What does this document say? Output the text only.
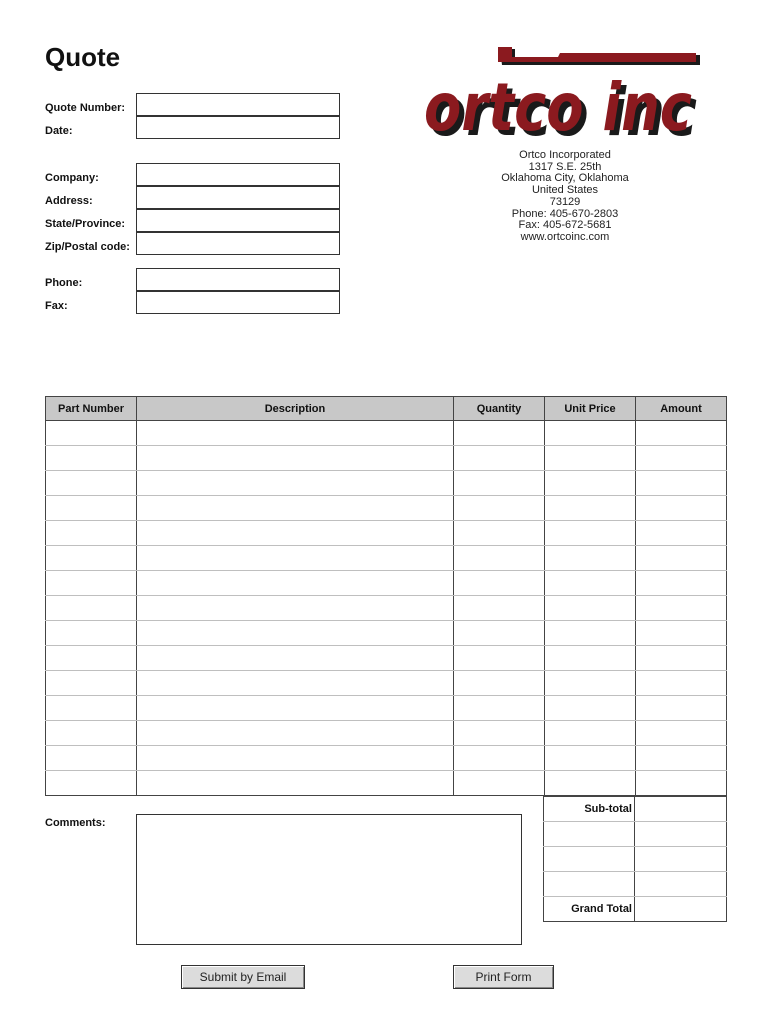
Quote
Quote Number:
Date:
Company:
Address:
State/Province:
Zip/Postal code:
Phone:
Fax:
ortco inc
ortco inc
Ortco Incorporated
1317 S.E. 25th
Oklahoma City, Oklahoma
United States
73129
Phone: 405-670-2803
Fax: 405-672-5681
www.ortcoinc.com
Part Number	Description	Quantity	Unit Price	Amount

Comments:
Sub-total	

Grand Total	
Submit by Email	Print Form
